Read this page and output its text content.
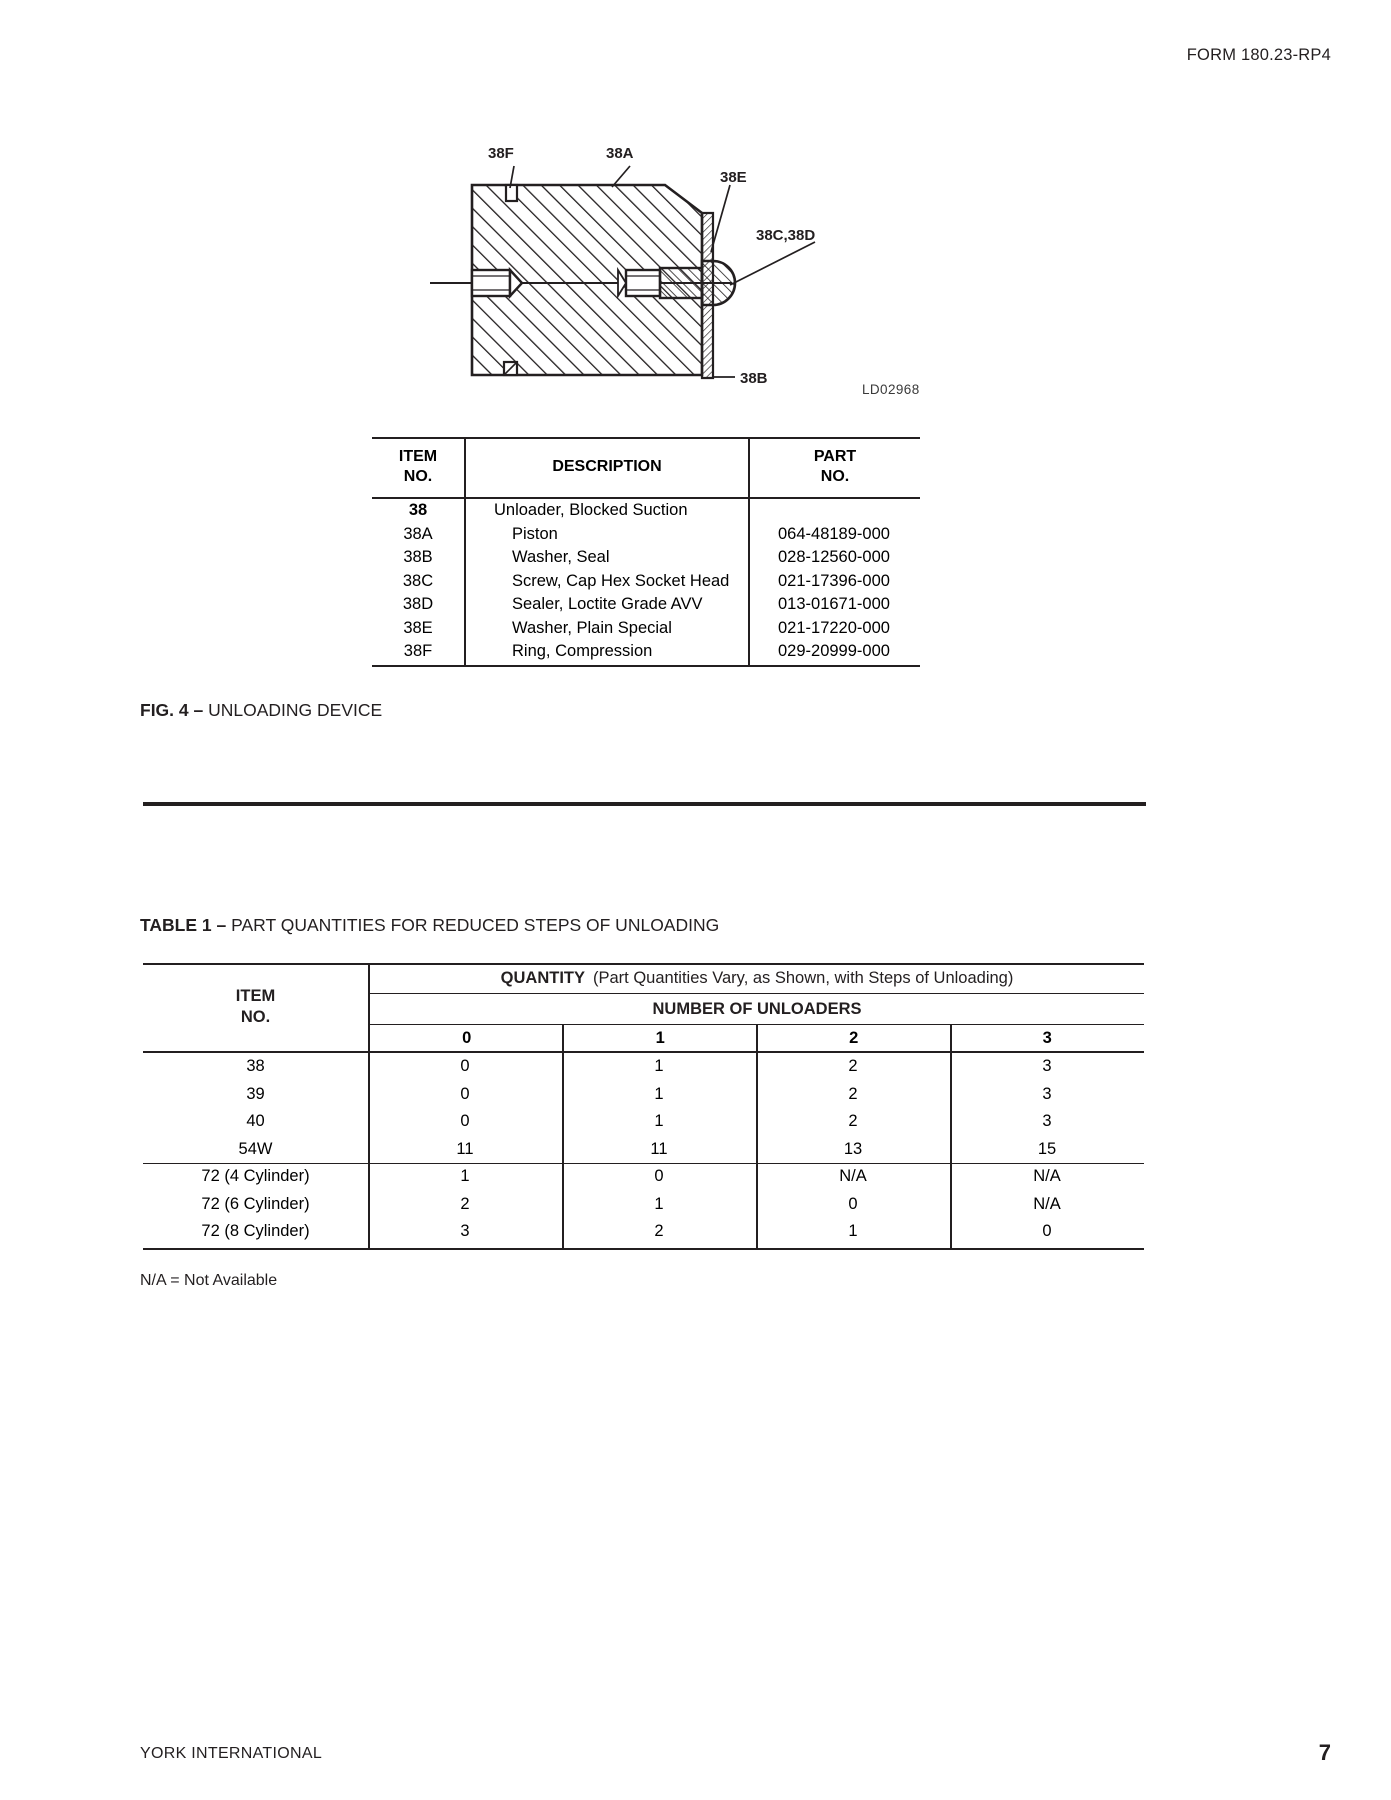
FORM 180.23-RP4
38F	38A
38E
38C,38D
38B
LD02968
ITEM
NO.
DESCRIPTION
PART
NO.
38	Unloader, Blocked Suction
38A	Piston	064-48189-000
38B	Washer, Seal	028-12560-000
38C	Screw, Cap Hex Socket Head	021-17396-000
38D	Sealer, Loctite Grade AVV	013-01671-000
38E	Washer, Plain Special	021-17220-000
38F	Ring, Compression	029-20999-000
FIG. 4 – UNLOADING DEVICE
TABLE 1 – PART QUANTITIES FOR REDUCED STEPS OF UNLOADING
ITEM
NO.
QUANTITY (Part Quantities Vary, as Shown, with Steps of Unloading)
NUMBER OF UNLOADERS
0	1	2	3
38	0	1	2	3
39	0	1	2	3
40	0	1	2	3
54W	11	11	13	15
72 (4 Cylinder)	1	0	N/A	N/A
72 (6 Cylinder)	2	1	0	N/A
72 (8 Cylinder)	3	2	1	0
N/A = Not Available
YORK INTERNATIONAL	7
